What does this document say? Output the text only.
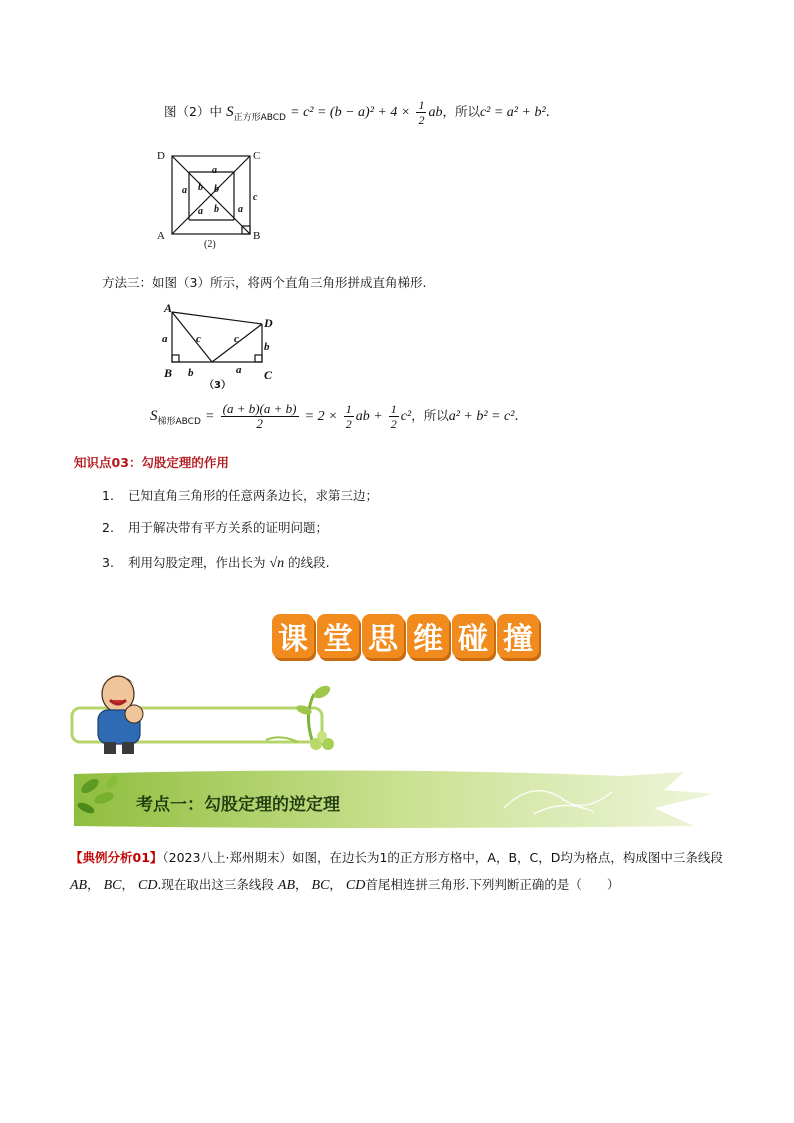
图（2）中 $S_{正方形ABCD} = c^2 = (b - a)^2 + 4 \times \frac{1}{2}$ ab，所以c² = a² + b².
D	C
A	B
(2)
a
a b b
a b a
c
方法三：如图（3）所示，将两个直角三角形拼成直角梯形.
A
B	C
D
a	c	c
b
b	a
（3）
$S_{梯形ABCD} = \frac{(a + b)(a + b)}{2} = 2 \times \frac{1}{2}$ ab + $\frac{1}{2} c^2$，所以a² + b² = c².
知识点03：勾股定理的作用
1. 已知直角三角形的任意两条边长，求第三边；
2. 用于解决带有平方关系的证明问题；
3. 利用勾股定理，作出长为 √n 的线段.
课 堂 思 维 碰 撞
考点一：勾股定理的逆定理
【典例分析01】（2023八上·郑州期末）如图，在边长为1的正方形方格中，A，B，C，D均为格点，构成图中三条线段 AB， BC， CD.现在取出这三条线段 AB， BC， CD首尾相连拼三角形.下列判断正确的是（　　）
